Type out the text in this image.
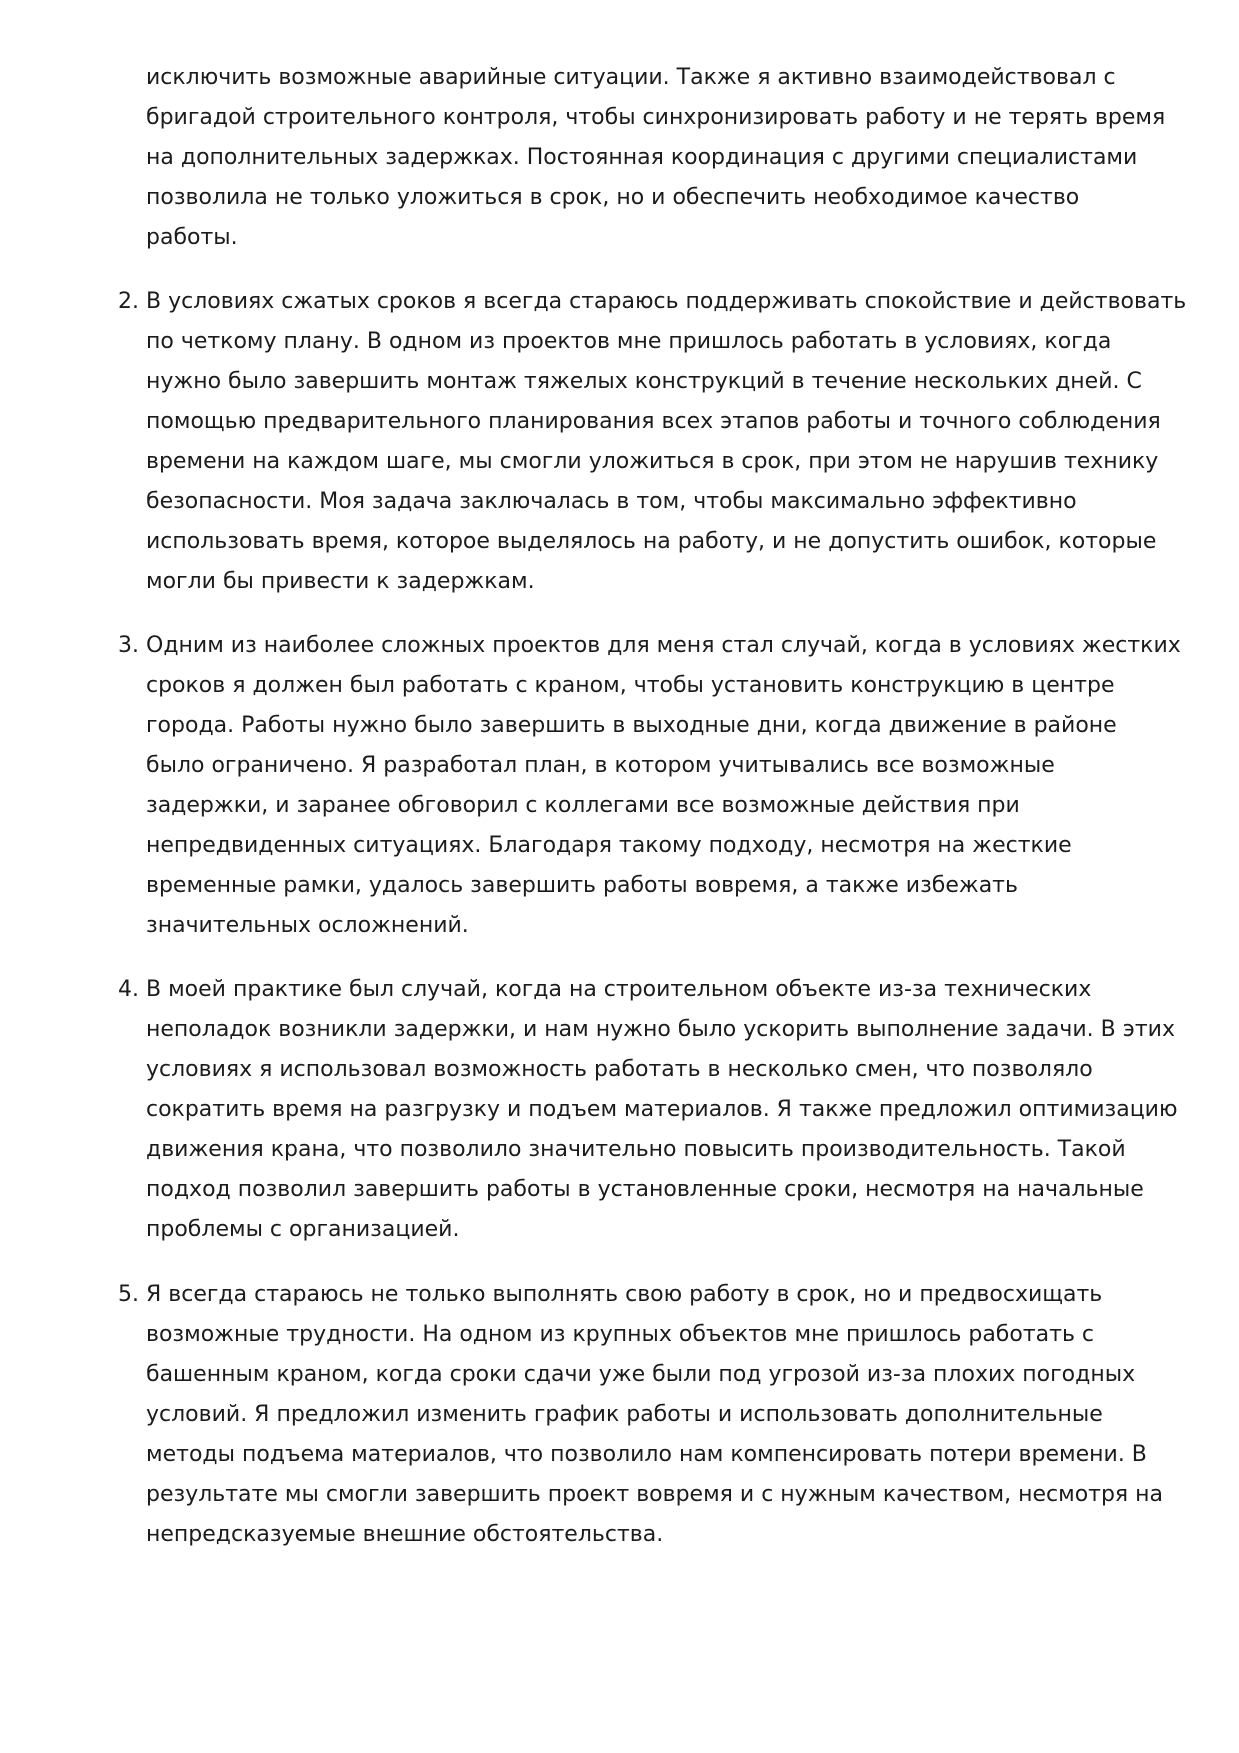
исключить возможные аварийные ситуации. Также я активно взаимодействовал с
бригадой строительного контроля, чтобы синхронизировать работу и не терять время
на дополнительных задержках. Постоянная координация с другими специалистами
позволила не только уложиться в срок, но и обеспечить необходимое качество
работы.
2. В условиях сжатых сроков я всегда стараюсь поддерживать спокойствие и действовать
по четкому плану. В одном из проектов мне пришлось работать в условиях, когда
нужно было завершить монтаж тяжелых конструкций в течение нескольких дней. С
помощью предварительного планирования всех этапов работы и точного соблюдения
времени на каждом шаге, мы смогли уложиться в срок, при этом не нарушив технику
безопасности. Моя задача заключалась в том, чтобы максимально эффективно
использовать время, которое выделялось на работу, и не допустить ошибок, которые
могли бы привести к задержкам.
3. Одним из наиболее сложных проектов для меня стал случай, когда в условиях жестких
сроков я должен был работать с краном, чтобы установить конструкцию в центре
города. Работы нужно было завершить в выходные дни, когда движение в районе
было ограничено. Я разработал план, в котором учитывались все возможные
задержки, и заранее обговорил с коллегами все возможные действия при
непредвиденных ситуациях. Благодаря такому подходу, несмотря на жесткие
временные рамки, удалось завершить работы вовремя, а также избежать
значительных осложнений.
4. В моей практике был случай, когда на строительном объекте из-за технических
неполадок возникли задержки, и нам нужно было ускорить выполнение задачи. В этих
условиях я использовал возможность работать в несколько смен, что позволяло
сократить время на разгрузку и подъем материалов. Я также предложил оптимизацию
движения крана, что позволило значительно повысить производительность. Такой
подход позволил завершить работы в установленные сроки, несмотря на начальные
проблемы с организацией.
5. Я всегда стараюсь не только выполнять свою работу в срок, но и предвосхищать
возможные трудности. На одном из крупных объектов мне пришлось работать с
башенным краном, когда сроки сдачи уже были под угрозой из-за плохих погодных
условий. Я предложил изменить график работы и использовать дополнительные
методы подъема материалов, что позволило нам компенсировать потери времени. В
результате мы смогли завершить проект вовремя и с нужным качеством, несмотря на
непредсказуемые внешние обстоятельства.
